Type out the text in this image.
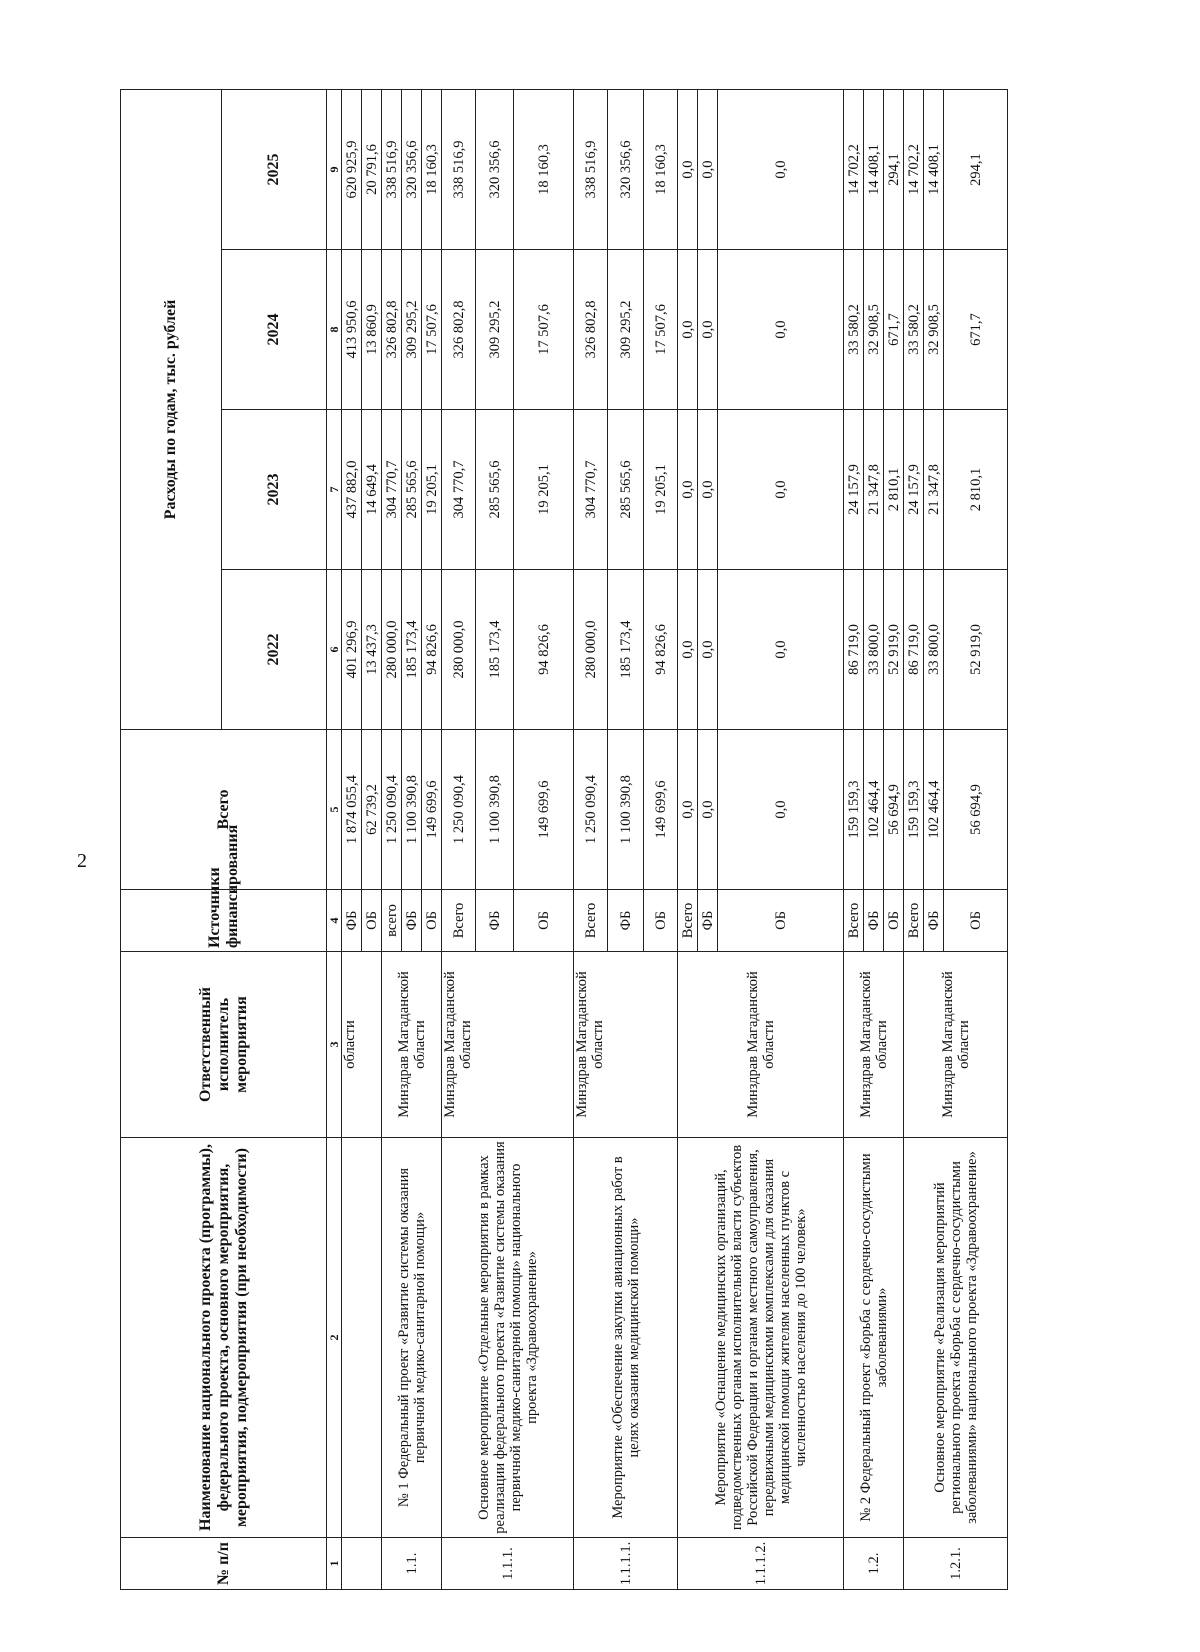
2
№ п/п	Наименование национального проекта (программы), федерального проекта, основного мероприятия, мероприятия, подмероприятия (при необходимости)	Ответственный исполнитель мероприятия	Источники финансирования	Всего	Расходы по годам, тыс. рублей			
					2022	2023	2024	2025
1	2	3	4	5	6	7	8	9
		области	ФБ	1 874 055,4	401 296,9	437 882,0	413 950,6	620 925,9
			ОБ	62 739,2	13 437,3	14 649,4	13 860,9	20 791,6
1.1.	№ 1 Федеральный проект «Развитие системы оказания первичной медико-санитарной помощи»	Минздрав Магаданской области	всего	1 250 090,4	280 000,0	304 770,7	326 802,8	338 516,9
			ФБ	1 100 390,8	185 173,4	285 565,6	309 295,2	320 356,6
			ОБ	149 699,6	94 826,6	19 205,1	17 507,6	18 160,3
1.1.1.	Основное мероприятие «Отдельные мероприятия в рамках реализации федерального проекта «Развитие системы оказания первичной медико-санитарной помощи» национального проекта «Здравоохранение»	Минздрав Магаданской области	Всего	1 250 090,4	280 000,0	304 770,7	326 802,8	338 516,9
			ФБ	1 100 390,8	185 173,4	285 565,6	309 295,2	320 356,6
			ОБ	149 699,6	94 826,6	19 205,1	17 507,6	18 160,3
1.1.1.1.	Мероприятие «Обеспечение закупки авиационных работ в целях оказания медицинской помощи»	Минздрав Магаданской области	Всего	1 250 090,4	280 000,0	304 770,7	326 802,8	338 516,9
			ФБ	1 100 390,8	185 173,4	285 565,6	309 295,2	320 356,6
			ОБ	149 699,6	94 826,6	19 205,1	17 507,6	18 160,3
1.1.1.2.	Мероприятие «Оснащение медицинских организаций, подведомственных органам исполнительной власти субъектов Российской Федерации и органам местного самоуправления, передвижными медицинскими комплексами для оказания медицинской помощи жителям населенных пунктов с численностью населения до 100 человек»	Минздрав Магаданской области	Всего	0,0	0,0	0,0	0,0	0,0
			ФБ	0,0	0,0	0,0	0,0	0,0
			ОБ	0,0	0,0	0,0	0,0	0,0
1.2.	№ 2 Федеральный проект «Борьба с сердечно-сосудистыми заболеваниями»	Минздрав Магаданской области	Всего	159 159,3	86 719,0	24 157,9	33 580,2	14 702,2
			ФБ	102 464,4	33 800,0	21 347,8	32 908,5	14 408,1
			ОБ	56 694,9	52 919,0	2 810,1	671,7	294,1
1.2.1.	Основное мероприятие «Реализация мероприятий регионального проекта «Борьба с сердечно-сосудистыми заболеваниями» национального проекта «Здравоохранение»	Минздрав Магаданской области	Всего	159 159,3	86 719,0	24 157,9	33 580,2	14 702,2
			ФБ	102 464,4	33 800,0	21 347,8	32 908,5	14 408,1
			ОБ	56 694,9	52 919,0	2 810,1	671,7	294,1
